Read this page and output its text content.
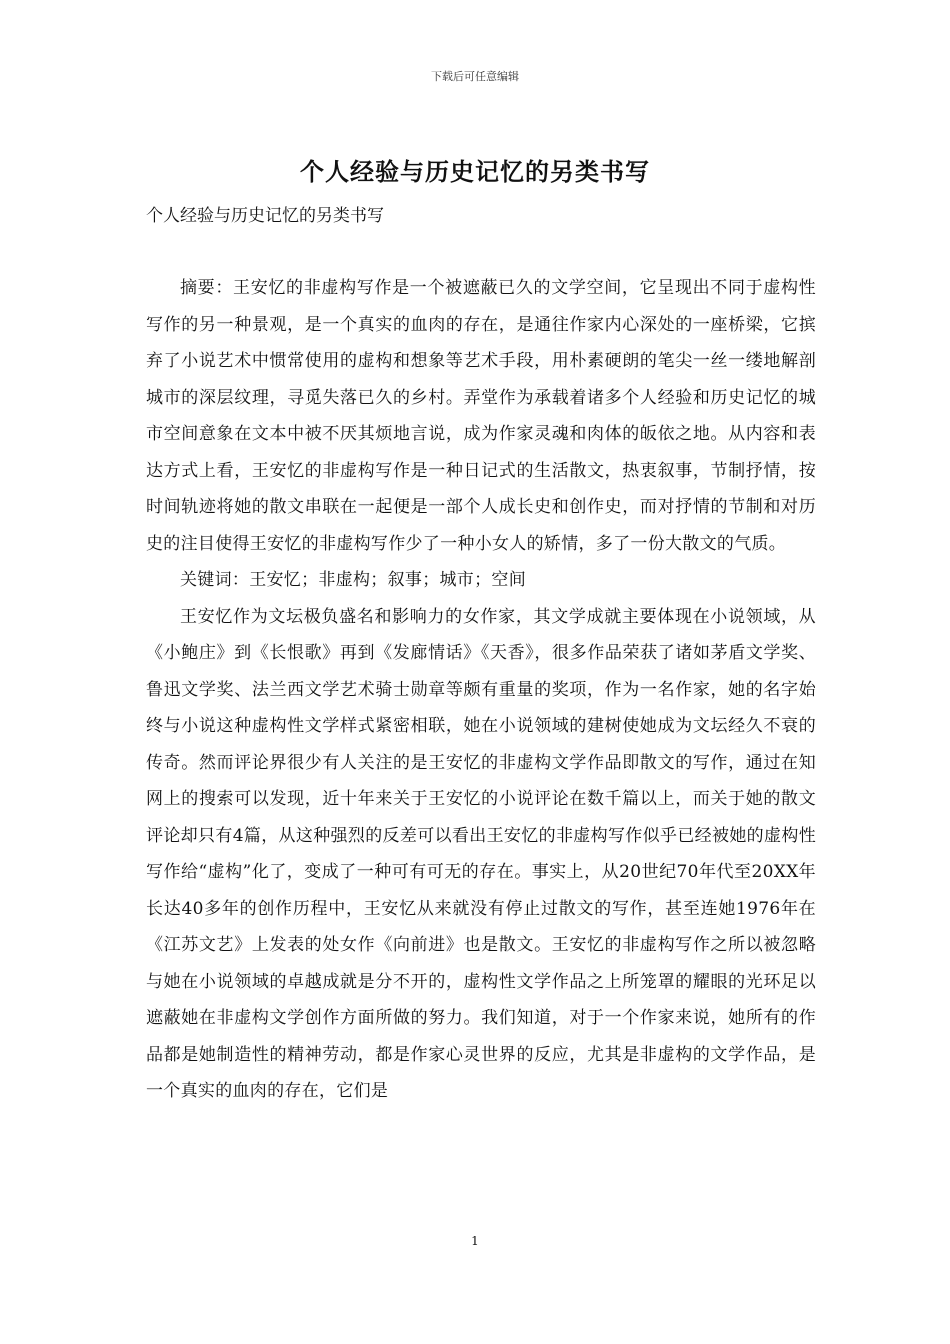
下载后可任意编辑
个人经验与历史记忆的另类书写
个人经验与历史记忆的另类书写

摘要：王安忆的非虚构写作是一个被遮蔽已久的文学空间，它呈现出不同于虚构性写作的另一种景观，是一个真实的血肉的存在，是通往作家内心深处的一座桥梁，它摈弃了小说艺术中惯常使用的虚构和想象等艺术手段，用朴素硬朗的笔尖一丝一缕地解剖城市的深层纹理，寻觅失落已久的乡村。弄堂作为承载着诸多个人经验和历史记忆的城市空间意象在文本中被不厌其烦地言说，成为作家灵魂和肉体的皈依之地。从内容和表达方式上看，王安忆的非虚构写作是一种日记式的生活散文，热衷叙事，节制抒情，按时间轨迹将她的散文串联在一起便是一部个人成长史和创作史，而对抒情的节制和对历史的注目使得王安忆的非虚构写作少了一种小女人的矫情，多了一份大散文的气质。

关键词：王安忆；非虚构；叙事；城市；空间

王安忆作为文坛极负盛名和影响力的女作家，其文学成就主要体现在小说领域，从《小鲍庄》到《长恨歌》再到《发廊情话》《天香》，很多作品荣获了诸如茅盾文学奖、鲁迅文学奖、法兰西文学艺术骑士勋章等颇有重量的奖项，作为一名作家，她的名字始终与小说这种虚构性文学样式紧密相联，她在小说领域的建树使她成为文坛经久不衰的传奇。然而评论界很少有人关注的是王安忆的非虚构文学作品即散文的写作，通过在知网上的搜索可以发现，近十年来关于王安忆的小说评论在数千篇以上，而关于她的散文评论却只有4篇，从这种强烈的反差可以看出王安忆的非虚构写作似乎已经被她的虚构性写作给“虚构”化了，变成了一种可有可无的存在。事实上，从20世纪70年代至20XX年长达40多年的创作历程中，王安忆从来就没有停止过散文的写作，甚至连她1976年在《江苏文艺》上发表的处女作《向前进》也是散文。王安忆的非虚构写作之所以被忽略与她在小说领域的卓越成就是分不开的，虚构性文学作品之上所笼罩的耀眼的光环足以遮蔽她在非虚构文学创作方面所做的努力。我们知道，对于一个作家来说，她所有的作品都是她制造性的精神劳动，都是作家心灵世界的反应，尤其是非虚构的文学作品，是一个真实的血肉的存在，它们是

1
